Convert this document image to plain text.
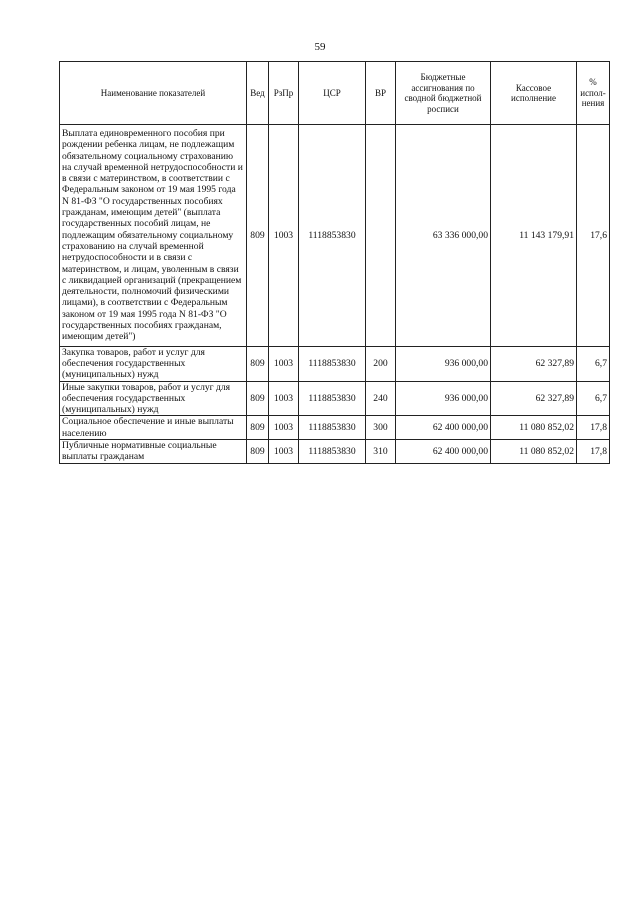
59
Наименование показателей	Вед	РзПр	ЦСР	ВР	Бюджетные ассигнования по сводной бюджетной росписи	Кассовое исполнение	% испол-нения
Выплата единовременного пособия при рождении ребенка лицам, не подлежащим обязательному социальному страхованию на случай временной нетрудоспособности и в связи с материнством, в соответствии с Федеральным законом от 19 мая 1995 года N 81-ФЗ "О государственных пособиях гражданам, имеющим детей" (выплата государственных пособий лицам, не подлежащим обязательному социальному страхованию на случай временной нетрудоспособности и в связи с материнством, и лицам, уволенным в связи с ликвидацией организаций (прекращением деятельности, полномочий физическими лицами), в соответствии с Федеральным законом от 19 мая 1995 года N 81-ФЗ "О государственных пособиях гражданам, имеющим детей")	809	1003	1118853830		63 336 000,00	11 143 179,91	17,6
Закупка товаров, работ и услуг для обеспечения государственных (муниципальных) нужд	809	1003	1118853830	200	936 000,00	62 327,89	6,7
Иные закупки товаров, работ и услуг для обеспечения государственных (муниципальных) нужд	809	1003	1118853830	240	936 000,00	62 327,89	6,7
Социальное обеспечение и иные выплаты населению	809	1003	1118853830	300	62 400 000,00	11 080 852,02	17,8
Публичные нормативные социальные выплаты гражданам	809	1003	1118853830	310	62 400 000,00	11 080 852,02	17,8
